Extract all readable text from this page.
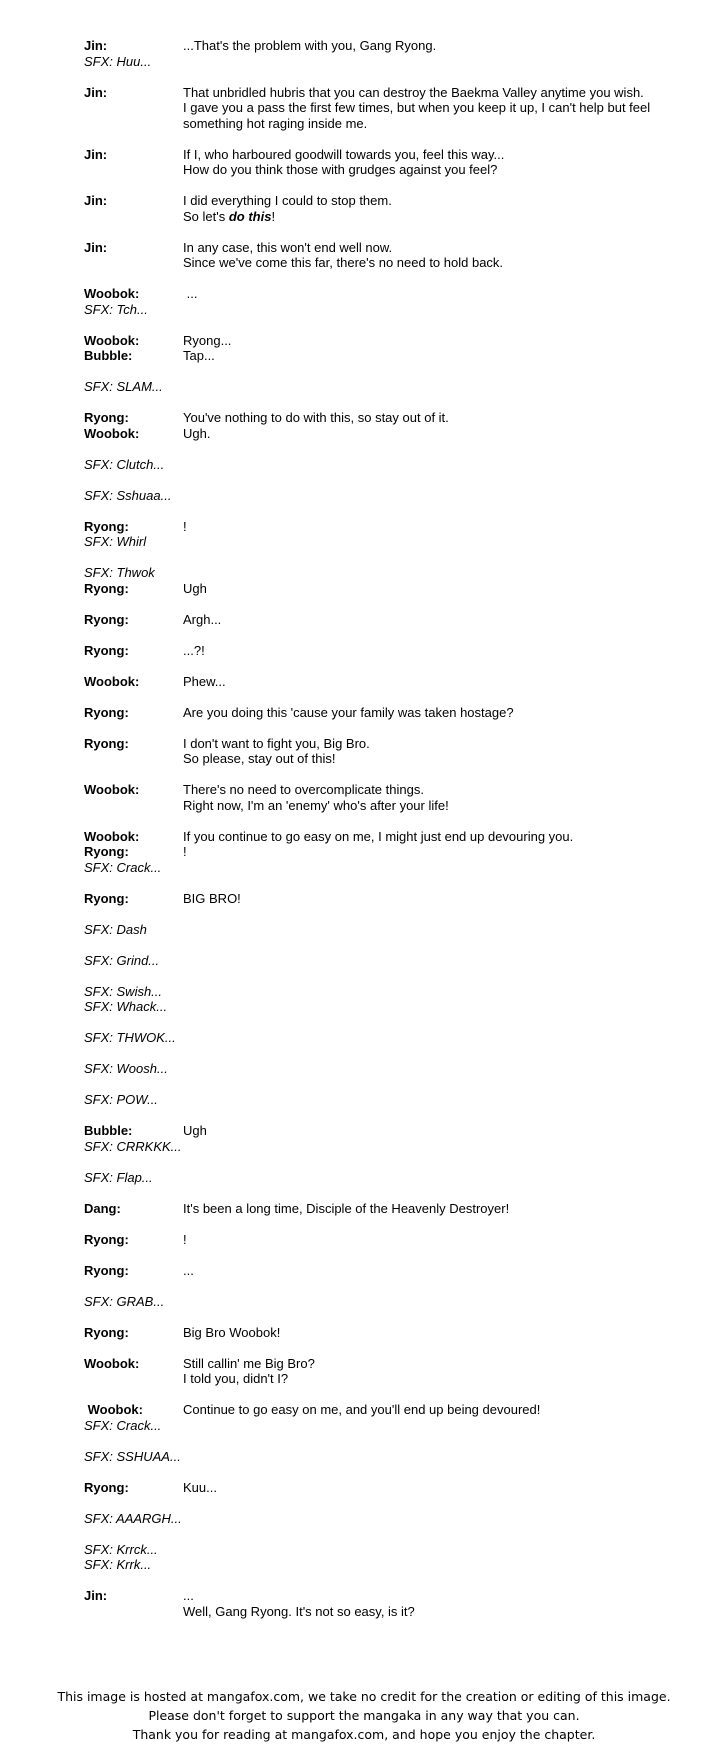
Jin:	...That's the problem with you, Gang Ryong.
SFX: Huu...
Jin:	That unbridled hubris that you can destroy the Baekma Valley anytime you wish.
I gave you a pass the first few times, but when you keep it up, I can't help but feel something hot raging inside me.
Jin:	If I, who harboured goodwill towards you, feel this way...
How do you think those with grudges against you feel?
Jin:	I did everything I could to stop them.
So let's do this!
Jin:	In any case, this won't end well now.
Since we've come this far, there's no need to hold back.
Woobok:	...
SFX: Tch...
Woobok:	Ryong...
Bubble:	Tap...
SFX: SLAM...
Ryong:	You've nothing to do with this, so stay out of it.
Woobok:	Ugh.
SFX: Clutch...
SFX: Sshuaa...
Ryong:	!
SFX: Whirl
SFX: Thwok
Ryong:	Ugh
Ryong:	Argh...
Ryong:	...?!
Woobok:	Phew...
Ryong:	Are you doing this 'cause your family was taken hostage?
Ryong:	I don't want to fight you, Big Bro.
So please, stay out of this!
Woobok:	There's no need to overcomplicate things.
Right now, I'm an 'enemy' who's after your life!
Woobok:	If you continue to go easy on me, I might just end up devouring you.
Ryong:	!
SFX: Crack...
Ryong:	BIG BRO!
SFX: Dash
SFX: Grind...
SFX: Swish...
SFX: Whack...
SFX: THWOK...
SFX: Woosh...
SFX: POW...
Bubble:	Ugh
SFX: CRRKKK...
SFX: Flap...
Dang:	It's been a long time, Disciple of the Heavenly Destroyer!
Ryong:	!
Ryong:	...
SFX: GRAB...
Ryong:	Big Bro Woobok!
Woobok:	Still callin' me Big Bro?
I told you, didn't I?
Woobok:	Continue to go easy on me, and you'll end up being devoured!
SFX: Crack...
SFX: SSHUAA...
Ryong:	Kuu...
SFX: AAARGH...
SFX: Krrck...
SFX: Krrk...
Jin:	...
Well, Gang Ryong. It's not so easy, is it?
This image is hosted at mangafox.com, we take no credit for the creation or editing of this image.
Please don't forget to support the mangaka in any way that you can.
Thank you for reading at mangafox.com, and hope you enjoy the chapter.
